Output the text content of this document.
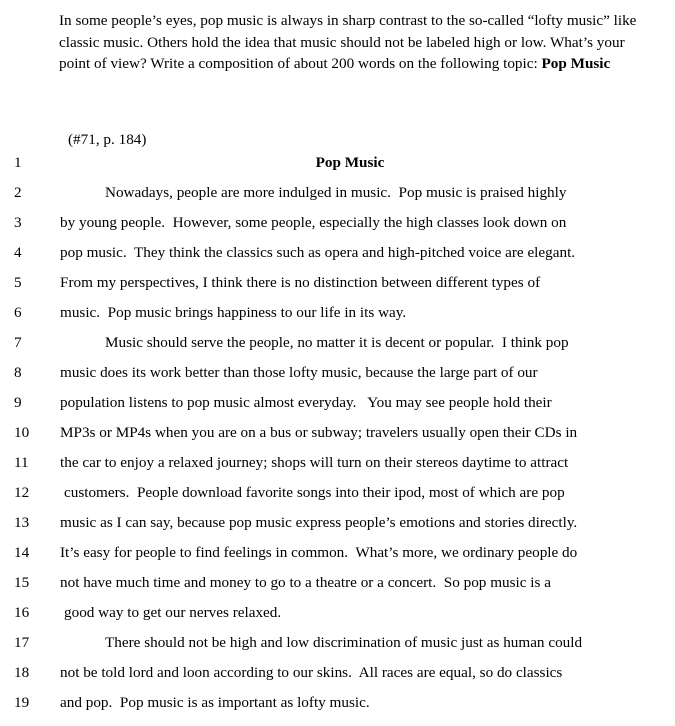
In some people’s eyes, pop music is always in sharp contrast to the so-called “lofty music” like classic music. Others hold the idea that music should not be labeled high or low. What’s your point of view? Write a composition of about 200 words on the following topic: Pop Music
(#71, p. 184)
1	Pop Music
2	Nowadays, people are more indulged in music.  Pop music is praised highly
3	by young people.  However, some people, especially the high classes look down on
4	pop music.  They think the classics such as opera and high-pitched voice are elegant.
5	From my perspectives, I think there is no distinction between different types of
6	music.  Pop music brings happiness to our life in its way.
7	Music should serve the people, no matter it is decent or popular.  I think pop
8	music does its work better than those lofty music, because the large part of our
9	population listens to pop music almost everyday.   You may see people hold their
10	MP3s or MP4s when you are on a bus or subway; travelers usually open their CDs in
11	the car to enjoy a relaxed journey; shops will turn on their stereos daytime to attract
12	customers.  People download favorite songs into their ipod, most of which are pop
13	music as I can say, because pop music express people’s emotions and stories directly.
14	It’s easy for people to find feelings in common.  What’s more, we ordinary people do
15	not have much time and money to go to a theatre or a concert.  So pop music is a
16	good way to get our nerves relaxed.
17	There should not be high and low discrimination of music just as human could
18	not be told lord and loon according to our skins.  All races are equal, so do classics
19	and pop.  Pop music is as important as lofty music.
